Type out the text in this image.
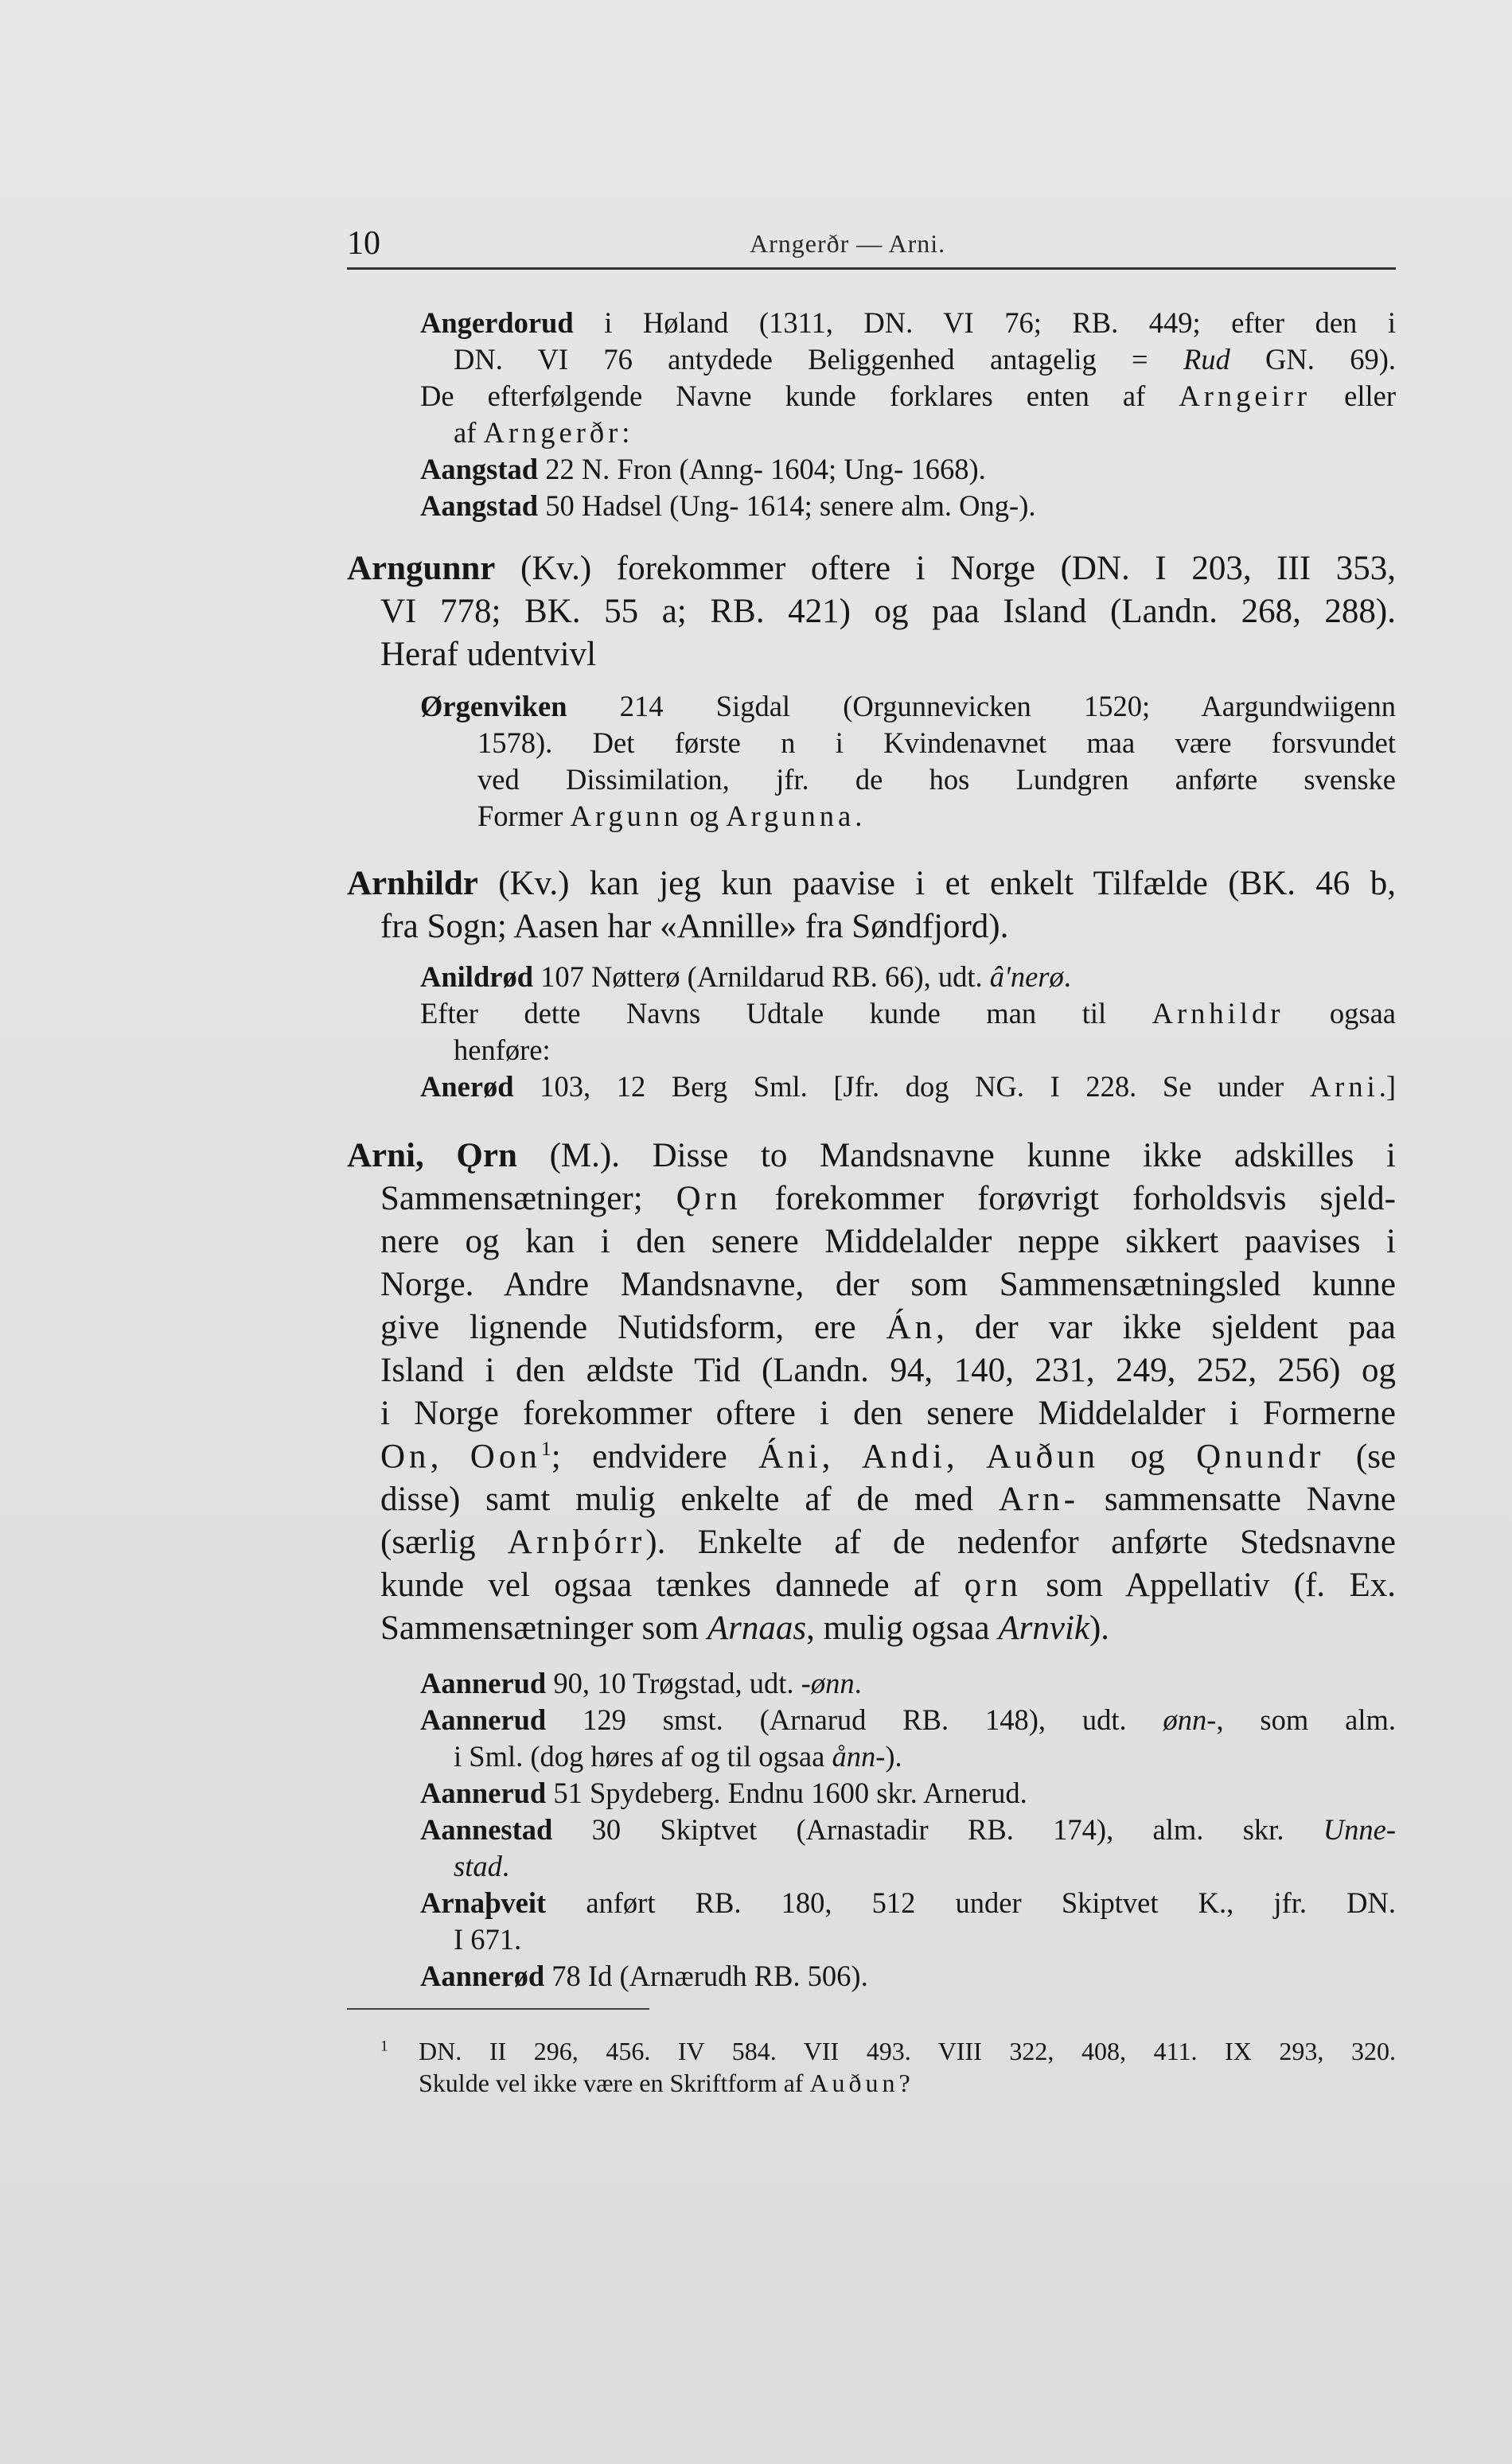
10	Arngerðr — Arni.
Angerdorud i Høland (1311, DN. VI 76; RB. 449; efter den i
DN. VI 76 antydede Beliggenhed antagelig = Rud GN. 69).
De efterfølgende Navne kunde forklares enten af Arngeirr eller
af Arngerðr:
Aangstad 22 N. Fron (Anng- 1604; Ung- 1668).
Aangstad 50 Hadsel (Ung- 1614; senere alm. Ong-).
Arngunnr (Kv.) forekommer oftere i Norge (DN. I 203, III 353,
VI 778; BK. 55 a; RB. 421) og paa Island (Landn. 268, 288).
Heraf udentvivl
Ørgenviken 214 Sigdal (Orgunnevicken 1520; Aargundwiigenn
1578). Det første n i Kvindenavnet maa være forsvundet
ved Dissimilation, jfr. de hos Lundgren anførte svenske
Former Argunn og Argunna.
Arnhildr (Kv.) kan jeg kun paavise i et enkelt Tilfælde (BK. 46 b,
fra Sogn; Aasen har «Annille» fra Søndfjord).
Anildrød 107 Nøtterø (Arnildarud RB. 66), udt. â'nerø.
Efter dette Navns Udtale kunde man til Arnhildr ogsaa
henføre:
Anerød 103, 12 Berg Sml. [Jfr. dog NG. I 228. Se under Arni.]
Arni, Ǫrn (M.). Disse to Mandsnavne kunne ikke adskilles i
Sammensætninger; Ǫrn forekommer forøvrigt forholdsvis sjeld-
nere og kan i den senere Middelalder neppe sikkert paavises i
Norge. Andre Mandsnavne, der som Sammensætningsled kunne
give lignende Nutidsform, ere Án, der var ikke sjeldent paa
Island i den ældste Tid (Landn. 94, 140, 231, 249, 252, 256) og
i Norge forekommer oftere i den senere Middelalder i Formerne
On, Oon$^1$; endvidere Áni, Andi, Auðun og Ǫnundr (se
disse) samt mulig enkelte af de med Arn- sammensatte Navne
(særlig Arnþórr). Enkelte af de nedenfor anførte Stedsnavne
kunde vel ogsaa tænkes dannede af ǫrn som Appellativ (f. Ex.
Sammensætninger som Arnaas, mulig ogsaa Arnvik).
Aannerud 90, 10 Trøgstad, udt. -ønn.
Aannerud 129 smst. (Arnarud RB. 148), udt. ønn-, som alm.
i Sml. (dog høres af og til ogsaa ånn-).
Aannerud 51 Spydeberg. Endnu 1600 skr. Arnerud.
Aannestad 30 Skiptvet (Arnastadir RB. 174), alm. skr. Unne-
stad.
Arnaþveit anført RB. 180, 512 under Skiptvet K., jfr. DN.
I 671.
Aannerød 78 Id (Arnærudh RB. 506).
$^1$ DN. II 296, 456. IV 584. VII 493. VIII 322, 408, 411. IX 293, 320.
Skulde vel ikke være en Skriftform af Auðun?
